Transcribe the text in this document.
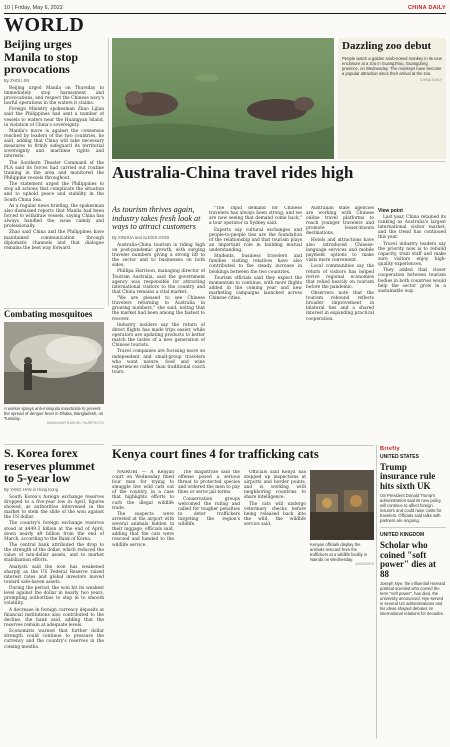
10 | Friday, May 6, 2022	CHINA DAILY
WORLD
Beijing urges Manila to stop provocations
By ZHOU JIN

Beijing urged Manila on Thursday to immediately stop harassment and provocations, and respect the Chinese navy's lawful operations in the waters it claims.

Foreign Ministry spokesman Zhao Lijian said the Philippines had sent a number of vessels to waters near the Huangyan Island, in violation of China's sovereignty.

Manila's move is against the consensus reached by leaders of the two countries, he said, adding that China will take necessary measures to firmly safeguard its territorial sovereignty and maritime rights and interests.

The Southern Theater Command of the PLA said its forces had carried out routine training in the area and monitored the Philippine vessels throughout.

The statement urged the Philippines to stop all actions that complicate the situation and to uphold peace and stability in the South China Sea.

As a regular news briefing, the spokesman also dismissed reports that Manila had been forced to withdraw vessels, saying China has always handled the issue calmly and professionally.

Zhao said China and the Philippines have maintained communication through diplomatic channels and that dialogue remains the best way forward.

Dazzling zoo debut
People watch a golden snub-nosed monkey in its new enclosure at a zoo in Guangzhou, Guangdong province, on Wednesday. The monkeys have become a popular attraction since their arrival at the zoo.
CHINA DAILY
Australia-China travel rides high
As tourism thrives again, industry takes fresh look at ways to attract customers
By XINHUA and ALEXIS HOOI

Australia-China tourism is riding high on post-pandemic growth, with surging traveler numbers giving a strong lift to the sector and to businesses on both sides.

Phillipa Harrison, managing director of Tourism Australia, said the government agency was responsible for attracting international visitors to the country and that China remains a vital market.

"We are pleased to see Chinese travelers returning to Australia in growing numbers," she said, noting that the market had been among the fastest to recover.

Industry insiders say the return of direct flights has made trips easier, while operators are updating products to better match the tastes of a new generation of Chinese tourists.

Travel companies are focusing more on independent and small-group travelers who want nature, food and wine experiences rather than traditional coach tours.

"The rapid demand for Chinese travelers has always been strong, and we are now seeing that demand come back," a tour operator in Sydney said.

Experts say cultural exchanges and people-to-people ties are the foundation of the relationship and that tourism plays an important role in building mutual understanding.

Students, business travelers and families visiting relatives have also contributed to the steady increase in bookings between the two countries.

Tourism officials said they expect the momentum to continue, with more flights added in the coming year and new marketing campaigns launched across Chinese cities.

Australian state agencies are working with Chinese online travel platforms to reach younger travelers and promote lesser-known destinations.

Hotels and attractions have also introduced Chinese-language services and mobile payment options to make visits more convenient.

Local communities say the return of visitors has helped revive regional economies that relied heavily on tourism before the pandemic.

Observers note that the tourism rebound reflects broader improvement in bilateral ties and a shared interest in expanding practical cooperation.

View point

Last year, China retained its ranking as Australia's largest international visitor market, and the trend has continued this year.

Travel industry leaders say the priority now is to rebuild capacity, train staff and make sure visitors enjoy high-quality experiences.

They added that closer cooperation between tourism bodies in both countries would help the sector grow in a sustainable way.

Combating mosquitoes
A worker sprays anti-mosquito insecticide to prevent the spread of dengue fever in Dhaka, Bangladesh, on Tuesday.
MAMUNUR RASHID / NURPHOTO
S. Korea forex reserves plummet to 5-year low
By YANG HAN in Hong Kong

South Korea's foreign exchange reserves dropped to a five-year low in April, figures showed, as authorities intervened in the market to stem the slide of the won against the US dollar.

The country's foreign exchange reserves stood at $449.3 billion at the end of April, down nearly $9 billion from the end of March, according to the Bank of Korea.

The central bank attributed the drop to the strength of the dollar, which reduced the value of non-dollar assets, and to market stabilization efforts.

Analysts said the won has weakened sharply as the US Federal Reserve raised interest rates and global investors moved toward safe-haven assets.

During the period, the won hit its weakest level against the dollar in nearly two years, prompting authorities to step in to smooth volatility.

A decrease in foreign currency deposits at financial institutions also contributed to the decline, the bank said, adding that the reserves remain at adequate levels.

Economists warned that further dollar strength could continue to pressure the currency and the country's reserves in the coming months.

Kenya court fines 4 for trafficking cats

NAIROBI — A Kenyan court on Wednesday fined four men for trying to smuggle live wild cats out of the country, in a case that highlights efforts to curb the illegal wildlife trade.

The suspects were arrested at the airport with several animals hidden in their luggage, officials said, adding that the cats were rescued and handed to the wildlife service.

The magistrate said the offense posed a serious threat to protected species and ordered the men to pay fines or serve jail terms.

Conservation groups welcomed the ruling and called for tougher penalties to deter traffickers targeting the region's wildlife.

Officials said Kenya has stepped up inspections at airports and border points, and is working with neighboring countries to share intelligence.

The cats will undergo veterinary checks before being released back into the wild, the wildlife service said.

Kenyan officials display the animals rescued from the traffickers at a wildlife facility in Nairobi on Wednesday.
AGENCIES
Briefly
UNITED STATES
Trump insurance rule hits sixth UK
US President Donald Trump's administration said its new policy will continue to affect foreign insurers and could raise costs for travelers. Officials said talks with partners are ongoing.
UNITED KINGDOM
Scholar who coined "soft power" dies at 88
Joseph Nye, the influential Harvard political scientist who coined the term "soft power", has died, the university announced. Nye served in several US administrations and his ideas shaped debates on international relations for decades.
